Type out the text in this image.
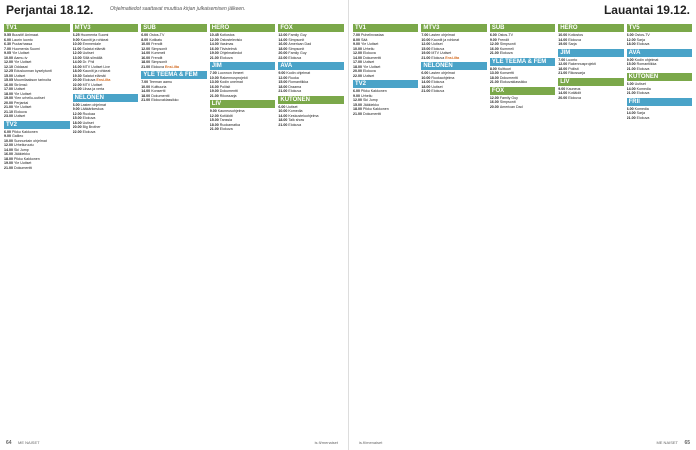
Perjantai 18.12.	Ohjelmatiedot saattavat muuttua kirjan julkaisemisen jälkeen.
TV1
5.55 Buustit! Animaat.
6.00 Laurin luonto
6.30 Puutarhassa
7.00 Huomenta Suomi
9.05 Yle Uutiset
10.00 Aamu-tv
12.00 Yle Uutiset
12.10 Oddasat
12.25 Eduskunnan kyselytunti
15.00 Uutiset
15.05 Muumilaakson tarinoita
16.00 Strömsö
17.00 Uutiset
18.00 Yle Uutiset
19.00 Ylen urheilu-uutiset
20.00 Perjantai
21.00 Yle Uutiset
21.10 Elokuva
23.00 Uutiset
TV2
6.00 Pikku Kakkonen
9.00 Galileo
10.00 Sunnuntain ohjelmat
12.00 Urheiluruutu
14.00 Ski Jump
16.00 Jääkiekko
18.00 Pikku Kakkonen
19.00 Yle Uutiset
21.00 Dokumentti
MTV3
6.25 Huomenta Suomi
9.00 Kauniit ja rohkeat
10.00 Emmerdale
11.00 Salatut elämät
12.00 Uutiset
13.00 Sillä silmällä
14.00 Dr. Phil
16.00 MTV Uutiset Live
18.00 Kauniit ja rohkeat
19.30 Salatut elämät
20.00 Elokuva Ensi-ilta
22.00 MTV Uutiset
23.00 Lihaa ja verta
NELONEN
6.00 Lasten ohjelmat
9.00 Lääkärikeskus
12.00 Ruokaa
15.00 Elokuva
18.00 Uutiset
20.00 Big Brother
22.00 Elokuva
SUB
6.00 Ostos-TV
8.00 Kotikatu
10.00 Frendit
12.00 Simpsonit
14.00 Kummeli
16.00 Frendit
18.00 Simpsonit
21.00 Elokuva Ensi-ilta
YLE TEEMA & FEM
7.00 Teeman aamu
10.00 Kulttuuria
14.00 Konsertti
18.00 Dokumentti
21.00 Elokuvaklassikko
HERO
10.45 Kotiostos
12.00 Ostostelevisio
14.00 Vasimas
16.00 Tiivistelmä
19.00 Ohjelmatiedot
21.00 Elokuva
JIM
7.00 Luonnon ihmeet
10.00 Rakennusprojekti
13.00 Kodin unelmat
16.00 Poliisit
19.00 Dokumentti
21.00 Rikossarja
LIV
9.00 Kauneusohjelma
12.00 Kotiäidit
15.00 Tanssia
18.00 Ruokamatka
21.00 Elokuva
FOX
12.00 Family Guy
14.00 Simpsonit
16.00 American Dad
18.00 Simpsonit
20.00 Family Guy
22.00 Elokuva
AVA
9.00 Kodin ohjelmat
12.00 Ruoka
15.00 Romantiikka
18.00 Draama
21.00 Elokuva
KUTONEN
6.00 Uutiset
10.00 Komedia
14.00 Keskusteluohjelma
18.00 Talk show
21.00 Elokuva
64 ME NAISET	is.fi/menaiset
Lauantai 19.12.
TV1
7.00 Puhelinvastaa
8.00 Sää
9.00 Yle Uutiset
10.00 Urheilu
12.00 Elokuva
14.00 Dokumentti
17.00 Uutiset
18.00 Yle Uutiset
20.00 Elokuva
22.00 Uutiset
TV2
6.00 Pikku Kakkonen
9.00 Urheilu
12.00 Ski Jump
15.00 Jääkiekko
18.00 Pikku Kakkonen
21.00 Dokumentti
MTV3
7.00 Lasten ohjelmat
10.00 Kauniit ja rohkeat
12.00 Uutiset
15.00 Elokuva
19.00 MTV Uutiset
21.00 Elokuva Ensi-ilta
NELONEN
6.00 Lasten ohjelmat
10.00 Ruokaohjelma
14.00 Elokuva
18.00 Uutiset
21.00 Elokuva
SUB
6.00 Ostos-TV
9.00 Frendit
12.00 Simpsonit
16.00 Kummeli
21.00 Elokuva
YLE TEEMA & FEM
8.00 Kulttuuri
13.00 Konsertti
18.00 Dokumentti
21.00 Elokuvaklassikko
FOX
12.00 Family Guy
16.00 Simpsonit
20.00 American Dad
HERO
10.00 Kotiostos
14.00 Elokuva
19.00 Sarja
JIM
7.00 Luonto
12.00 Rakennusprojekti
18.00 Poliisit
21.00 Rikossarja
LIV
9.00 Kauneus
14.00 Kotiäidit
20.00 Elokuva
TV5
6.00 Ostos-TV
12.00 Sarja
18.00 Elokuva
AVA
9.00 Kodin ohjelmat
15.00 Romantiikka
21.00 Elokuva
KUTONEN
6.00 Uutiset
14.00 Komedia
21.00 Elokuva
FRII
6.00 Komedia
14.00 Sarja
21.00 Elokuva
65
ME NAISET
is.fi/menaiset
